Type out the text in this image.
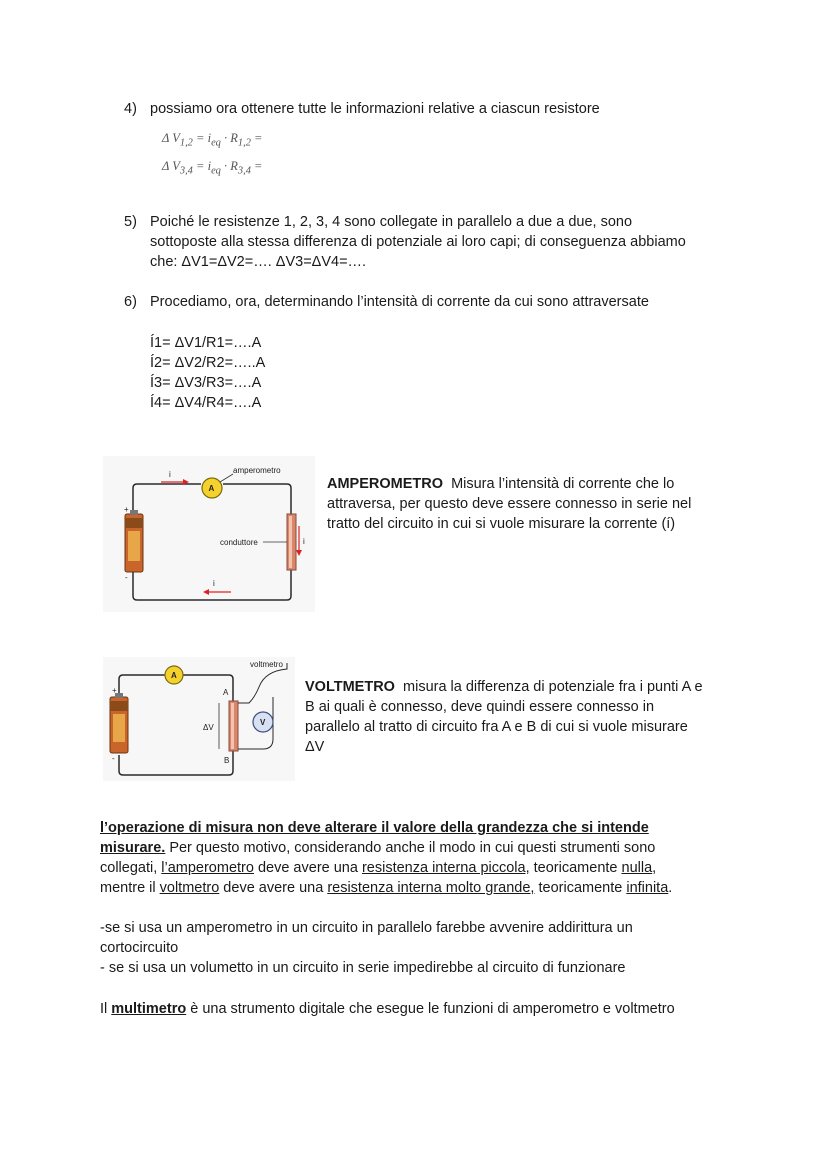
4) possiamo ora ottenere tutte le informazioni relative a ciascun resistore
Δ $V_{1,2} = i_{eq} \cdot R_{1,2}$ =
Δ $V_{3,4} = i_{eq} \cdot R_{3,4}$ =
5) Poiché le resistenze 1, 2, 3, 4 sono collegate in parallelo a due a due, sono
sottoposte alla stessa differenza di potenziale ai loro capi; di conseguenza abbiamo
che: ΔV1=ΔV2=…. ΔV3=ΔV4=….
6) Procediamo, ora, determinando l’intensità di corrente da cui sono attraversate
Í1= ΔV1/R1=….A
Í2= ΔV2/R2=…..A
Í3= ΔV3/R3=….A
Í4= ΔV4/R4=….A
+
-
A
amperometro
i
i
i
conduttore
AMPEROMETRO Misura l’intensità di corrente che lo
attraversa, per questo deve essere connesso in serie nel
tratto del circuito in cui si vuole misurare la corrente (í)
+
-
A
V
voltmetro
A
B
ΔV
VOLTMETRO misura la differenza di potenziale fra i punti A e
B ai quali è connesso, deve quindi essere connesso in
parallelo al tratto di circuito fra A e B di cui si vuole misurare
ΔV
l’operazione di misura non deve alterare il valore della grandezza che si intende
misurare. Per questo motivo, considerando anche il modo in cui questi strumenti sono
collegati, l’amperometro deve avere una resistenza interna piccola, teoricamente nulla,
mentre il voltmetro deve avere una resistenza interna molto grande, teoricamente infinita.
-se si usa un amperometro in un circuito in parallelo farebbe avvenire addirittura un
cortocircuito
- se si usa un volumetto in un circuito in serie impedirebbe al circuito di funzionare
Il multimetro è una strumento digitale che esegue le funzioni di amperometro e voltmetro
